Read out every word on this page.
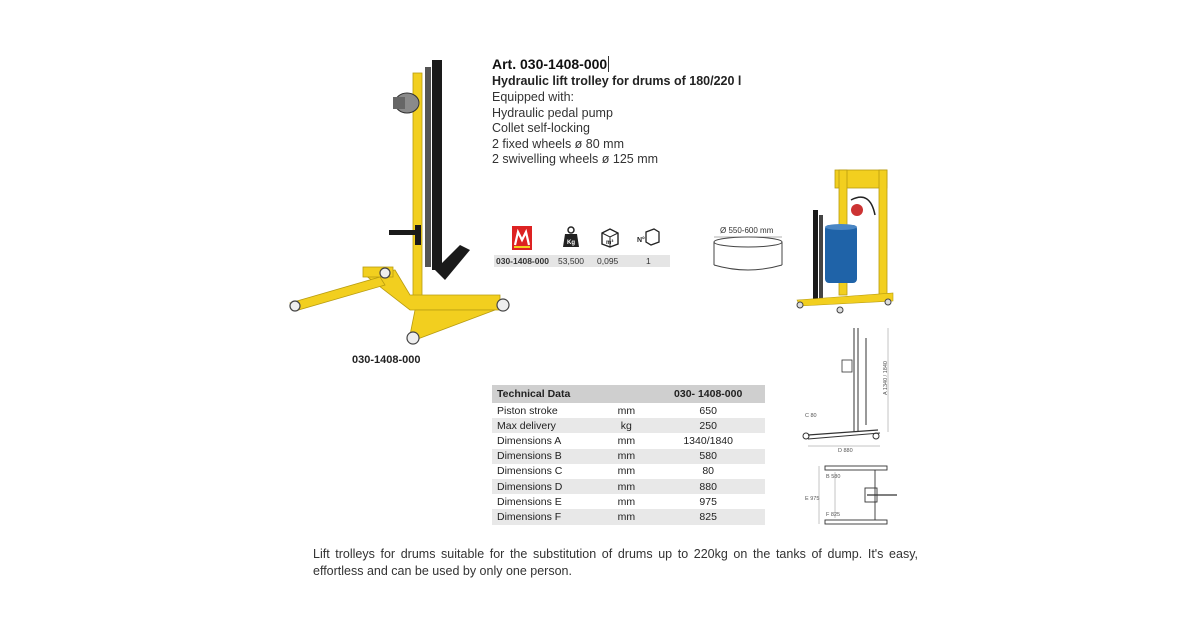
030-1408-000
Art. 030-1408-000
Hydraulic lift trolley for drums of 180/220 l
Equipped with:
Hydraulic pedal pump
Collet self-locking
2 fixed wheels ø 80 mm
2 swivelling wheels ø 125 mm
Kg	m³	N°
030-1408-000 53,500 0,095	1
Ø 550-600 mm
C 80
D 880
A 1340 / 1840
B 580
E 975
F 825
Technical Data		030- 1408-000
Piston stroke	mm	650
Max delivery	kg	250
Dimensions A	mm	1340/1840
Dimensions B	mm	580
Dimensions C	mm	80
Dimensions D	mm	880
Dimensions E	mm	975
Dimensions F	mm	825
Lift trolleys for drums suitable for the substitution of drums up to 220kg on the tanks of dump. It's easy, effortless and can be used by only one person.
